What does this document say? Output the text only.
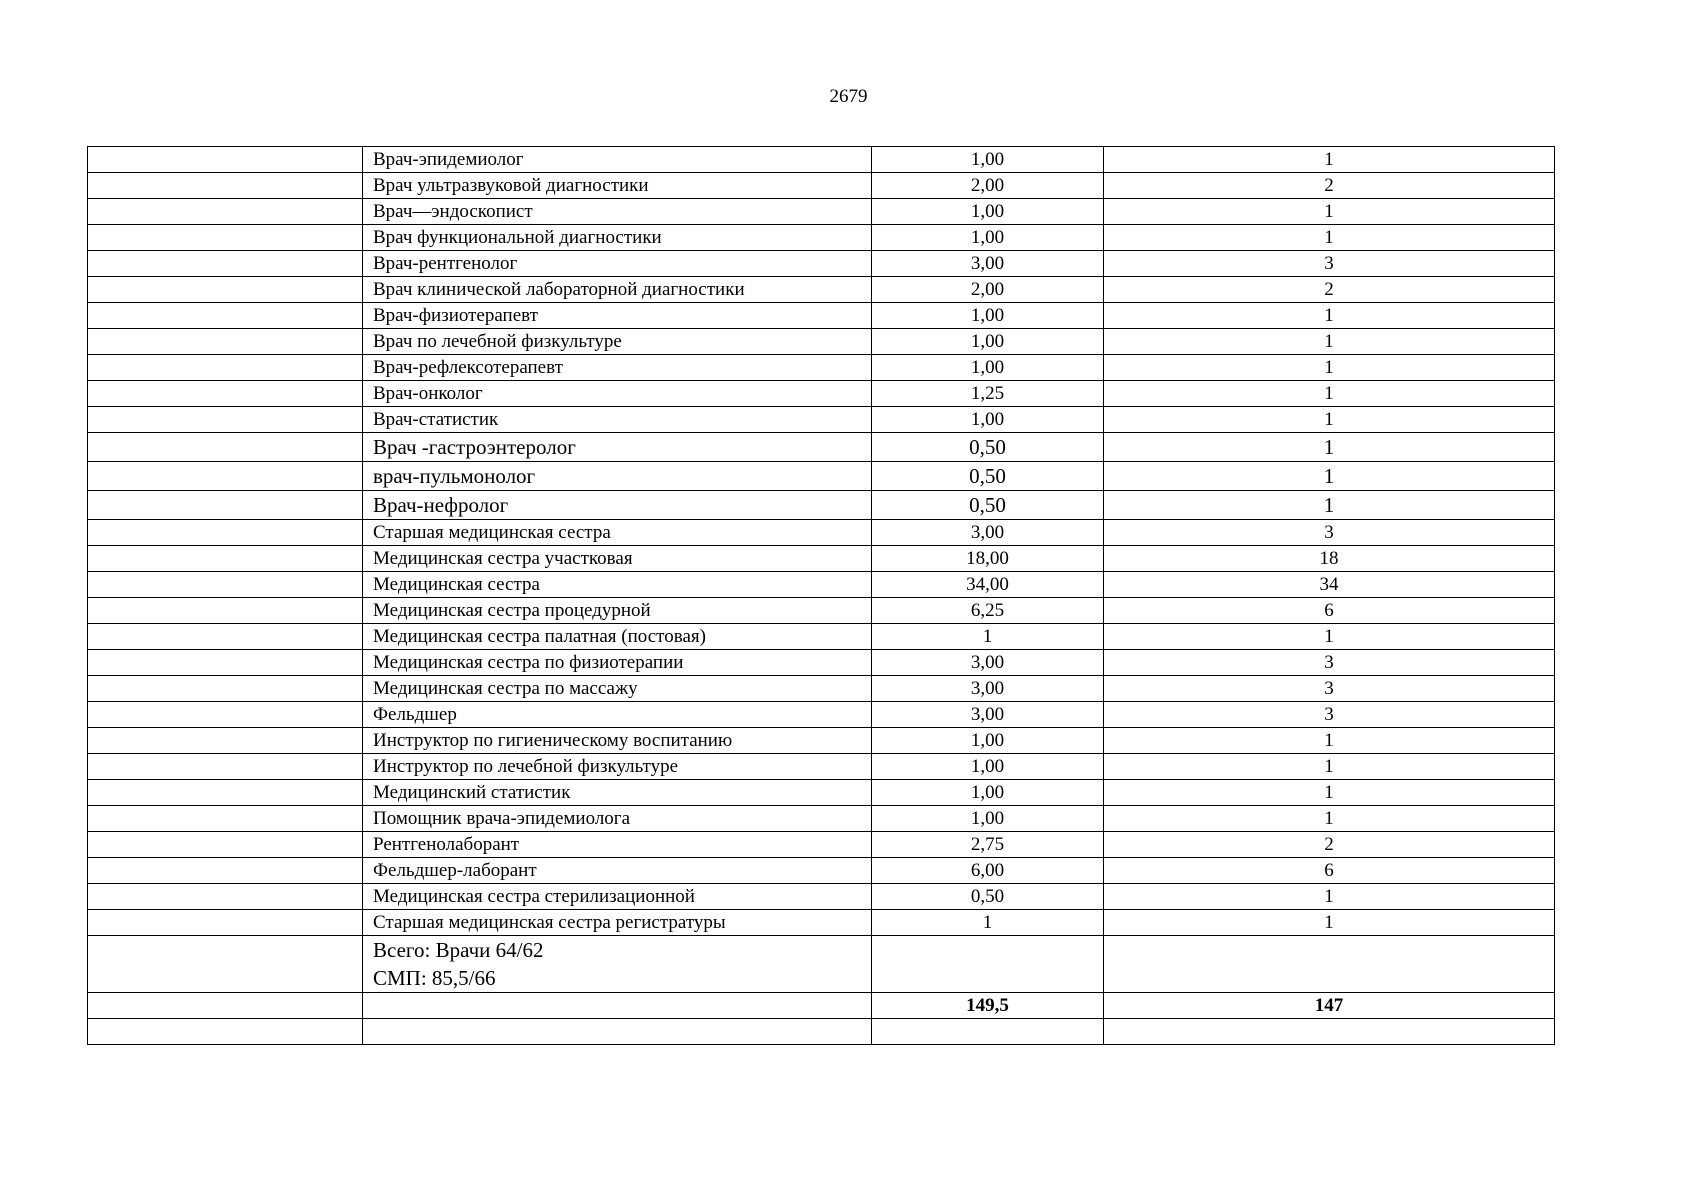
2679
	Врач-эпидемиолог	1,00	1
	Врач ультразвуковой диагностики	2,00	2
	Врач—эндоскопист	1,00	1
	Врач функциональной диагностики	1,00	1
	Врач-рентгенолог	3,00	3
	Врач клинической лабораторной диагностики	2,00	2
	Врач-физиотерапевт	1,00	1
	Врач по лечебной физкультуре	1,00	1
	Врач-рефлексотерапевт	1,00	1
	Врач-онколог	1,25	1
	Врач-статистик	1,00	1
	Врач -гастроэнтеролог	0,50	1
	врач-пульмонолог	0,50	1
	Врач-нефролог	0,50	1
	Старшая медицинская сестра	3,00	3
	Медицинская сестра участковая	18,00	18
	Медицинская сестра	34,00	34
	Медицинская сестра процедурной	6,25	6
	Медицинская сестра палатная (постовая)	1	1
	Медицинская сестра по физиотерапии	3,00	3
	Медицинская сестра по массажу	3,00	3
	Фельдшер	3,00	3
	Инструктор по гигиеническому воспитанию	1,00	1
	Инструктор по лечебной физкультуре	1,00	1
	Медицинский статистик	1,00	1
	Помощник врача-эпидемиолога	1,00	1
	Рентгенолаборант	2,75	2
	Фельдшер-лаборант	6,00	6
	Медицинская сестра стерилизационной	0,50	1
	Старшая медицинская сестра регистратуры	1	1

	Всего: Врачи 64/62
СМП: 85,5/66		

		149,5	147
